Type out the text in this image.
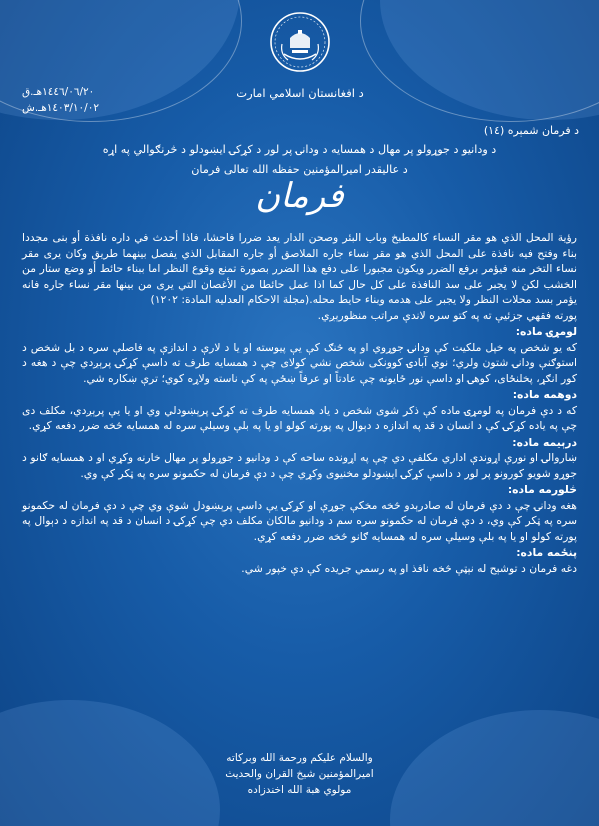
د افغانستان اسلامي امارت
١٤٤٦/٠٦/٢٠هـ.ق
١٤٠٣/١٠/٠٢هـ.ش
د فرمان شمېره (١٤)
د ودانیو د جوړولو پر مهال د همسایه د ودانۍ پر لور د کړکۍ ایښودلو د څرنګوالي په اړه
د عالیقدر امیرالمؤمنین حفظه الله تعالی فرمان
فرمان

رؤية المحل الذي هو مقر النساء كالمطبخ وباب البئر وصحن الدار يعد ضررا فاحشا، فاذا أحدث في داره نافذة أو بنى مجددا بناء وفتح فيه نافذة على المحل الذي هو مقر نساء جاره الملاصق أو جاره المقابل الذي يفصل بينهما طريق وكان يرى مقر نساء التخر منه فيؤمر برفع الضرر ويكون مجبورا على دفع هذا الضرر بصورة تمنع وقوع النظر اما ببناء حائط أو وضع ستار من الخشب لكن لا يجبر على سد النافذة على كل حال كما اذا عمل حائطا من الأغصان التي يرى من بينها مقر نساء جاره فانه يؤمر بسد محلات النظر ولا يجبر على هدمه وبناء حايط محله.(مجلة الاحكام العدليه المادة: ١٢٠٢)

پورته فقهي جزئیې ته په کتو سره لاندې مراتب منظورېږي.

لومړۍ ماده:

که یو شخص په خپل ملکیت کې ودانۍ جوړوي او په څنګ کې یې پیوسته او یا د لارې د اندازې په فاصلې سره د بل شخص د استوګنې ودانۍ شتون ولري؛ نوي آبادۍ کوونکی شخص نشي کولای چې د همسایه طرف ته داسې کړکۍ پرېږدي چې د هغه د کور انګړ، پخلنځای، کوهۍ او داسې نور ځایونه چې عادتاً او عرفاً ښځې په کې ناسته ولاړه کوي؛ ترې ښکاره شي.

دوهمه ماده:

که د دې فرمان په لومړۍ ماده کې ذکر شوی شخص د یاد همسایه طرف ته کړکۍ پرېښودلي وي او یا یې پرېږدي، مکلف دی چې په یاده کړکۍ کې د انسان د قد په اندازه د دېوال په پورته کولو او یا په بلې وسیلې سره له همسایه څخه ضرر دفعه کړي.

درېیمه ماده:

ښاروالۍ او نورې اړوندې اداري مکلفې دي چې په اړونده ساحه کې د ودانیو د جوړولو پر مهال خارنه وکړي او د همسایه ګانو د جوړو شویو کورونو پر لور د داسې کړکۍ ایښودلو مخنیوی وکړي چې د دې فرمان له حکمونو سره په ټکر کې وي.

څلورمه ماده:

هغه ودانۍ چې د دې فرمان له صادرېدو څخه مخکې جوړې او کړکۍ یې داسې پرېښودل شوې وي چې د دې فرمان له حکمونو سره په ټکر کې وي، د دې فرمان له حکمونو سره سم د ودانیو مالکان مکلف دي چې کړکۍ د انسان د قد په اندازه د دېوال په پورته کولو او یا په بلې وسیلې سره له همسایه ګانو څخه ضرر دفعه کړي.

پنځمه ماده:

دغه فرمان د توشېح له نېټې څخه نافذ او په رسمي جریده کې دې خپور شي.

والسلام علیکم ورحمة الله وبرکاته
امیرالمؤمنین شیخ القران والحدیث
مولوي هبة الله اخندزاده
